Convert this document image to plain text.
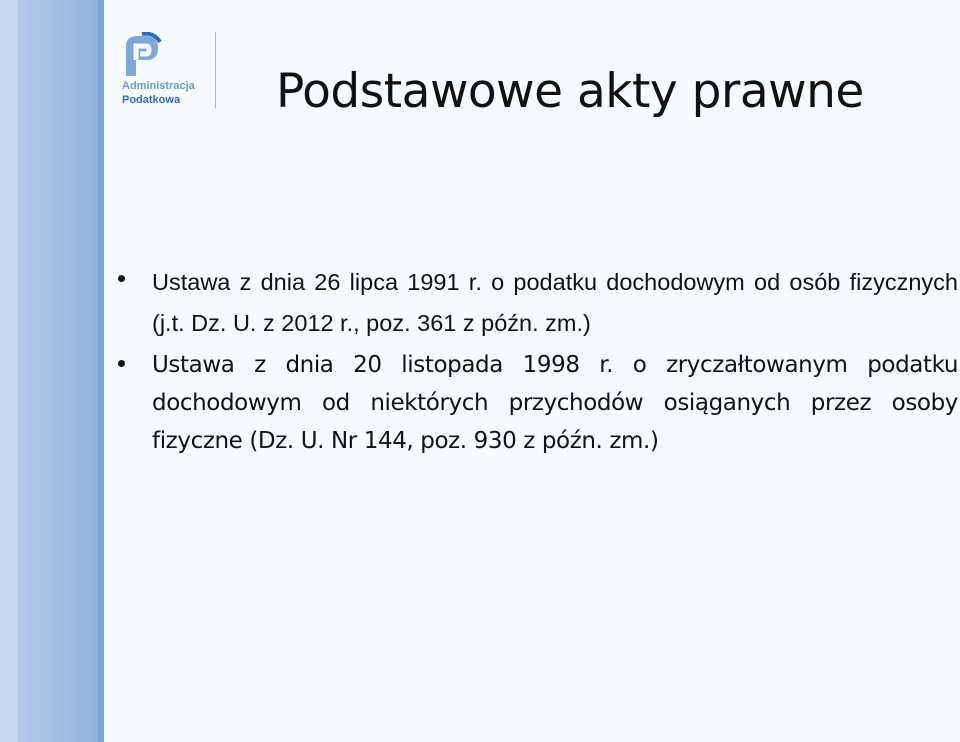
Administracja
Podatkowa Podstawowe akty prawne
Ustawa z dnia 26 lipca 1991 r. o podatku dochodowym od osób fizycznych (j.t. Dz. U. z 2012 r., poz. 361 z późn. zm.)
Ustawa z dnia 20 listopada 1998 r. o zryczałtowanym podatku dochodowym od niektórych przychodów osiąganych przez osoby fizyczne (Dz. U. Nr 144, poz. 930 z późn. zm.)
